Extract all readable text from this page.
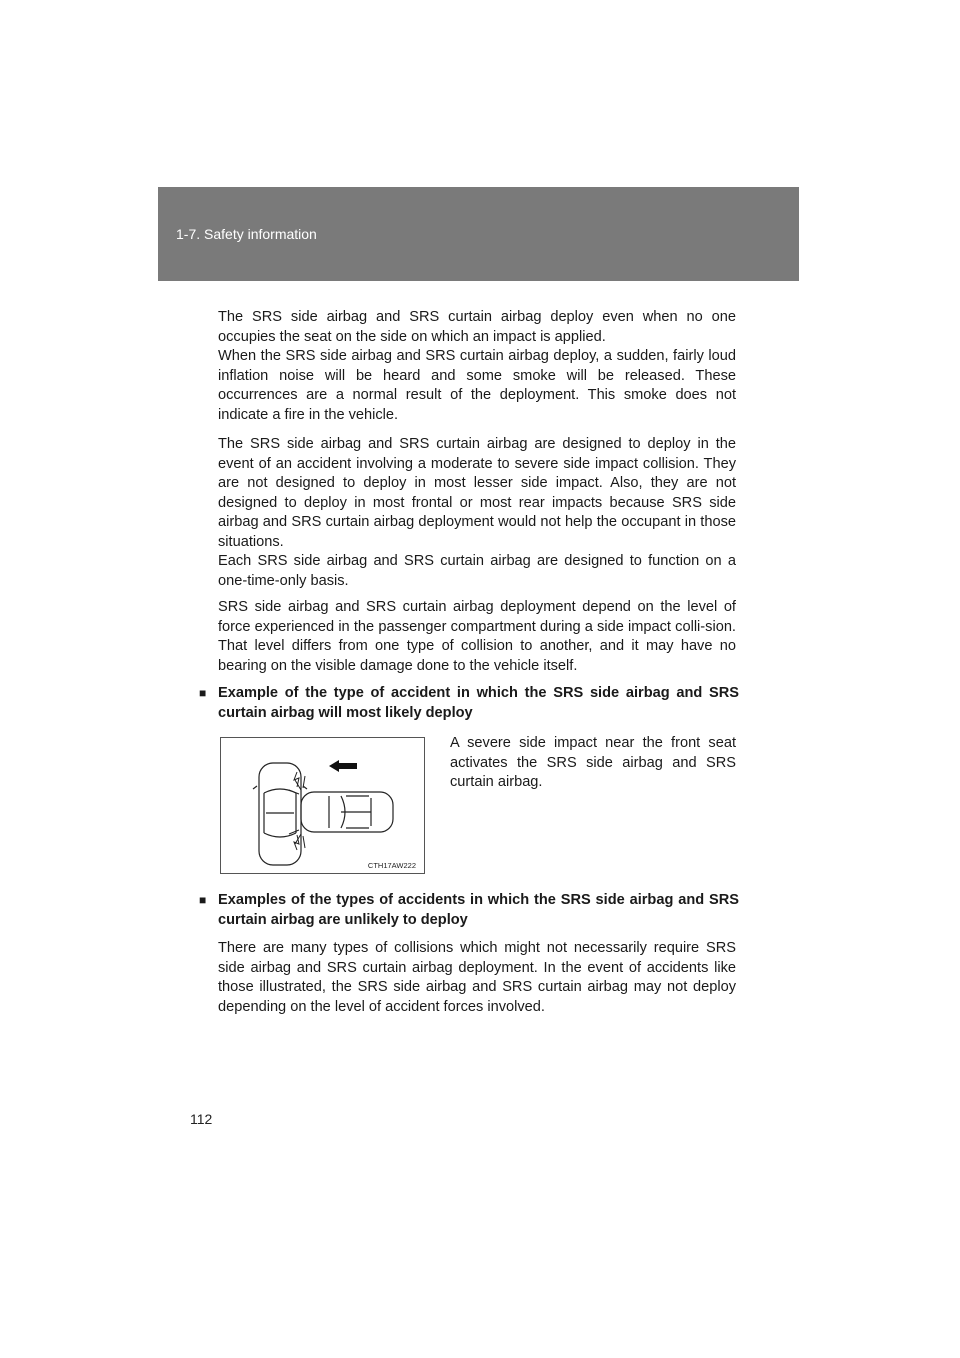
1-7. Safety information

The SRS side airbag and SRS curtain airbag deploy even when no one occupies the seat on the side on which an impact is applied.

When the SRS side airbag and SRS curtain airbag deploy, a sudden, fairly loud inflation noise will be heard and some smoke will be released. These occurrences are a normal result of the deployment. This smoke does not indicate a fire in the vehicle.

The SRS side airbag and SRS curtain airbag are designed to deploy in the event of an accident involving a moderate to severe side impact collision. They are not designed to deploy in most lesser side impact. Also, they are not designed to deploy in most frontal or most rear impacts because SRS side airbag and SRS curtain airbag deployment would not help the occupant in those situations.

Each SRS side airbag and SRS curtain airbag are designed to function on a one-time-only basis.

SRS side airbag and SRS curtain airbag deployment depend on the level of force experienced in the passenger compartment during a side impact colli-sion. That level differs from one type of collision to another, and it may have no bearing on the visible damage done to the vehicle itself.

■ Example of the type of accident in which the SRS side airbag and SRS curtain airbag will most likely deploy
CTH17AW222

A severe side impact near the front seat activates the SRS side airbag and SRS curtain airbag.

■ Examples of the types of accidents in which the SRS side airbag and SRS curtain airbag are unlikely to deploy

There are many types of collisions which might not necessarily require SRS side airbag and SRS curtain airbag deployment. In the event of accidents like those illustrated, the SRS side airbag and SRS curtain airbag may not deploy depending on the level of accident forces involved.

112
